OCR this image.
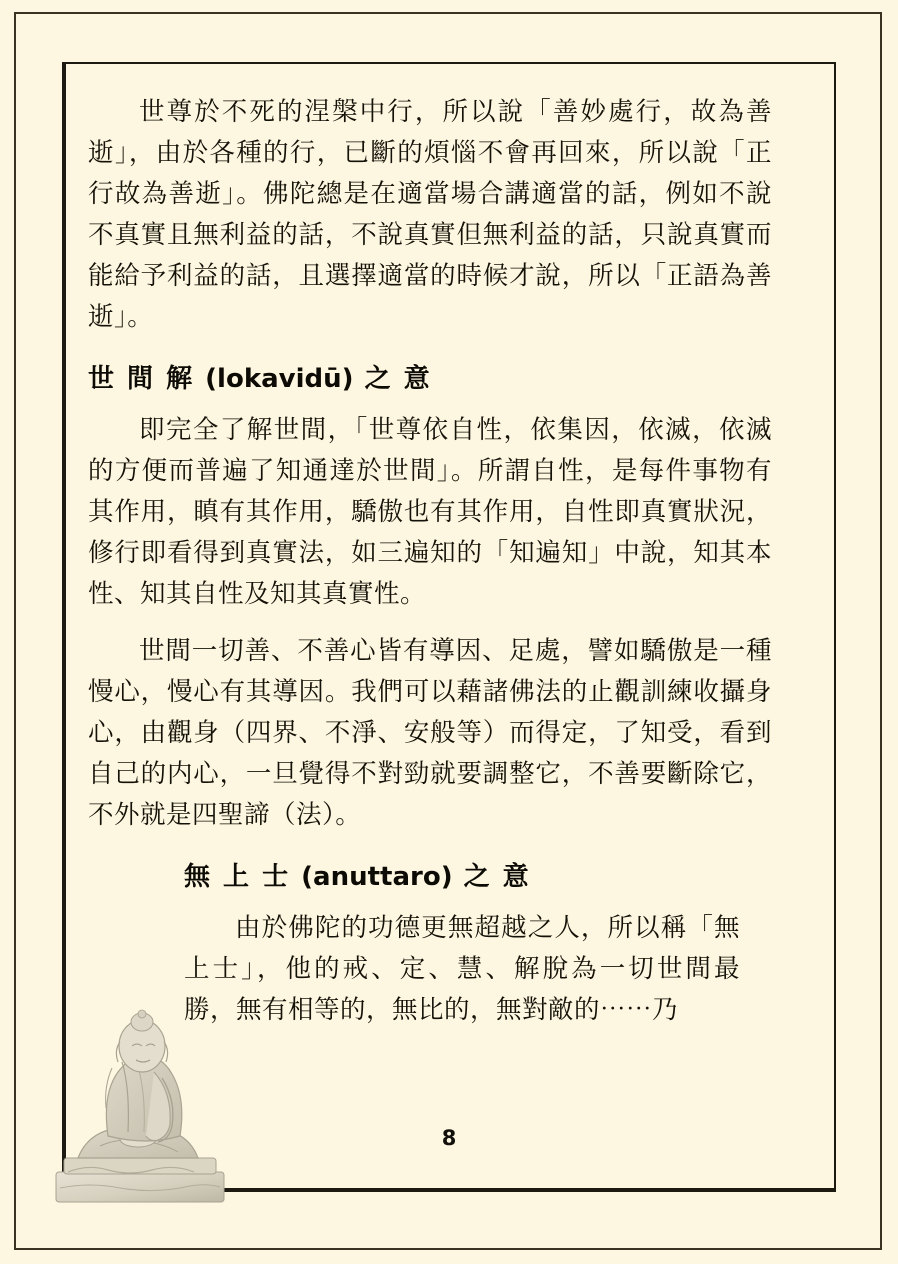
世尊於不死的涅槃中行，所以說「善妙處行，故為善逝」，由於各種的行，已斷的煩惱不會再回來，所以說「正行故為善逝」。佛陀總是在適當場合講適當的話，例如不說不真實且無利益的話，不說真實但無利益的話，只說真實而能給予利益的話，且選擇適當的時候才說，所以「正語為善逝」。

世 間 解 (lokavidū) 之 意

即完全了解世間，「世尊依自性，依集因，依滅，依滅的方便而普遍了知通達於世間」。所謂自性，是每件事物有其作用，瞋有其作用，驕傲也有其作用，自性即真實狀況，修行即看得到真實法，如三遍知的「知遍知」中說，知其本性、知其自性及知其真實性。

世間一切善、不善心皆有導因、足處，譬如驕傲是一種慢心，慢心有其導因。我們可以藉諸佛法的止觀訓練收攝身心，由觀身（四界、不淨、安般等）而得定，了知受，看到自己的内心，一旦覺得不對勁就要調整它，不善要斷除它，不外就是四聖諦（法）。

無 上 士 (anuttaro) 之 意

由於佛陀的功德更無超越之人，所以稱「無上士」，他的戒、定、慧、解脫為一切世間最勝，無有相等的，無比的，無對敵的⋯⋯乃

8
